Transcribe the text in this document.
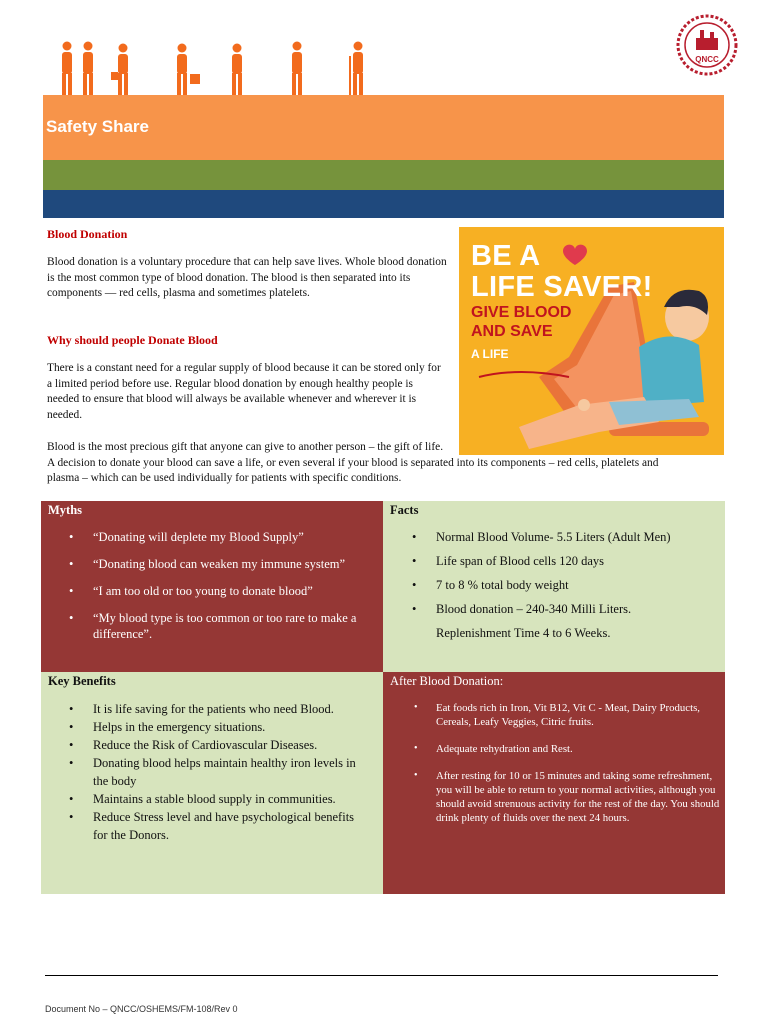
QNCC
Safety Share

Blood Donation

Blood donation is a voluntary procedure that can help save lives. Whole blood donation is the most common type of blood donation. The blood is then separated into its components — red cells, plasma and sometimes platelets.

Why should people Donate Blood

There is a constant need for a regular supply of blood because it can be stored only for a limited period before use. Regular blood donation by enough healthy people is needed to ensure that blood will always be available whenever and wherever it is needed.

Blood is the most precious gift that anyone can give to another person – the gift of life.
A decision to donate your blood can save a life, or even several if your blood is separated into its components – red cells, platelets and plasma – which can be used individually for patients with specific conditions.

BE A
LIFE SAVER!
GIVE BLOOD
AND SAVE
A LIFE

Myths

• “Donating will deplete my Blood Supply”
• “Donating blood can weaken my immune system”
• “I am too old or too young to donate blood”
• “My blood type is too common or too rare to make a difference”.

Facts

• Normal Blood Volume- 5.5 Liters (Adult Men)
• Life span of Blood cells 120 days
• 7 to 8 % total body weight
• Blood donation – 240-340 Milli Liters.
Replenishment Time 4 to 6 Weeks.

Key Benefits

• It is life saving for the patients who need Blood.
• Helps in the emergency situations.
• Reduce the Risk of Cardiovascular Diseases.
• Donating blood helps maintain healthy iron levels in the body
• Maintains a stable blood supply in communities.
• Reduce Stress level and have psychological benefits for the Donors.

After Blood Donation:

• Eat foods rich in Iron, Vit B12, Vit C - Meat, Dairy Products, Cereals, Leafy Veggies, Citric fruits.
• Adequate rehydration and Rest.
• After resting for 10 or 15 minutes and taking some refreshment, you will be able to return to your normal activities, although you should avoid strenuous activity for the rest of the day. You should drink plenty of fluids over the next 24 hours.

Document No – QNCC/OSHEMS/FM-108/Rev 0
